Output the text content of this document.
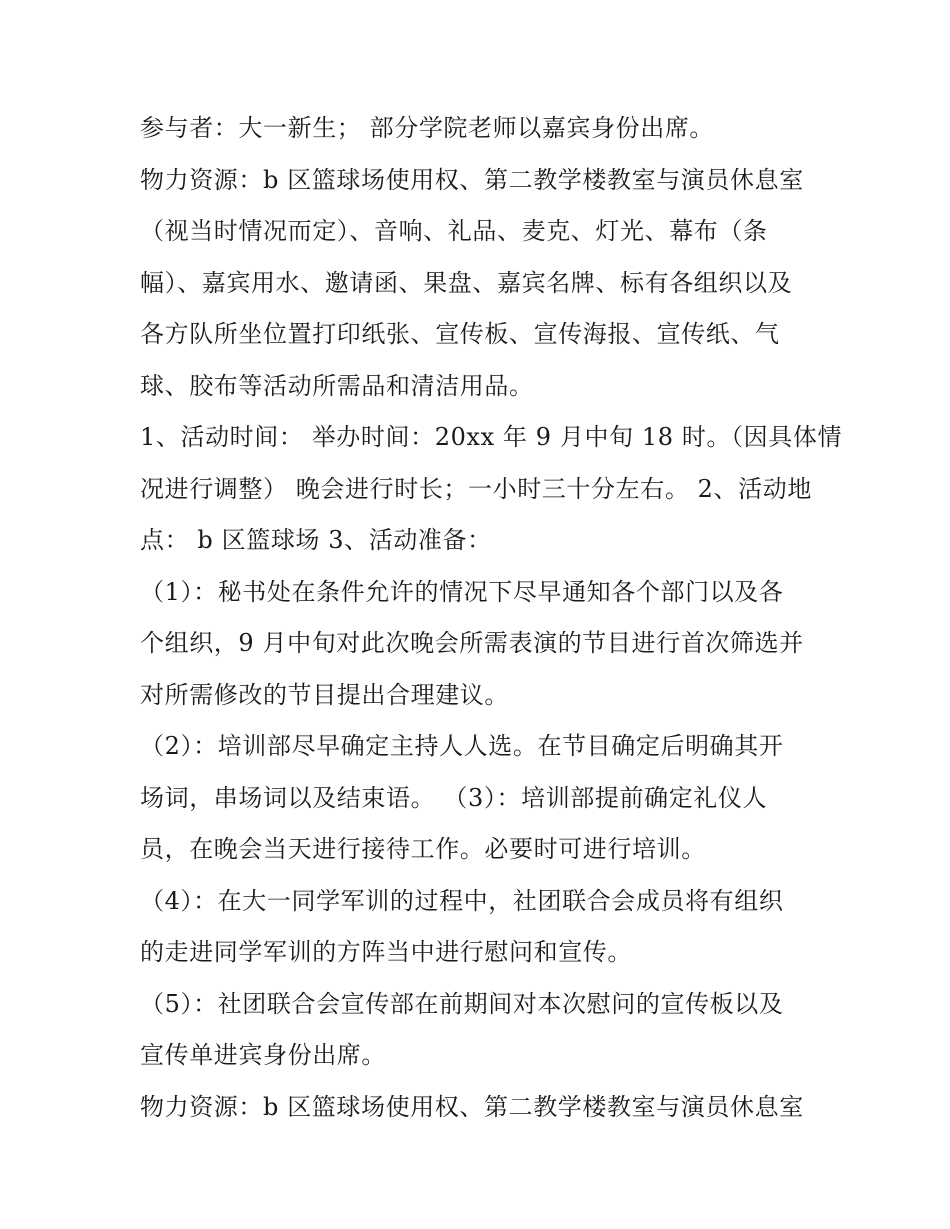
参与者：大一新生； 部分学院老师以嘉宾身份出席。

物力资源：b 区篮球场使用权、第二教学楼教室与演员休息室
（视当时情况而定）、音响、礼品、麦克、灯光、幕布（条
幅）、嘉宾用水、邀请函、果盘、嘉宾名牌、标有各组织以及
各方队所坐位置打印纸张、宣传板、宣传海报、宣传纸、气
球、胶布等活动所需品和清洁用品。

1、活动时间： 举办时间：20xx 年 9 月中旬 18 时。（因具体情
况进行调整） 晚会进行时长；一小时三十分左右。 2、活动地
点： b 区篮球场 3、活动准备：

（1）：秘书处在条件允许的情况下尽早通知各个部门以及各
个组织，9 月中旬对此次晚会所需表演的节目进行首次筛选并
对所需修改的节目提出合理建议。

（2）：培训部尽早确定主持人人选。在节目确定后明确其开
场词，串场词以及结束语。 （3）：培训部提前确定礼仪人
员，在晚会当天进行接待工作。必要时可进行培训。

（4）：在大一同学军训的过程中，社团联合会成员将有组织
的走进同学军训的方阵当中进行慰问和宣传。

（5）：社团联合会宣传部在前期间对本次慰问的宣传板以及
宣传单进宾身份出席。

物力资源：b 区篮球场使用权、第二教学楼教室与演员休息室
